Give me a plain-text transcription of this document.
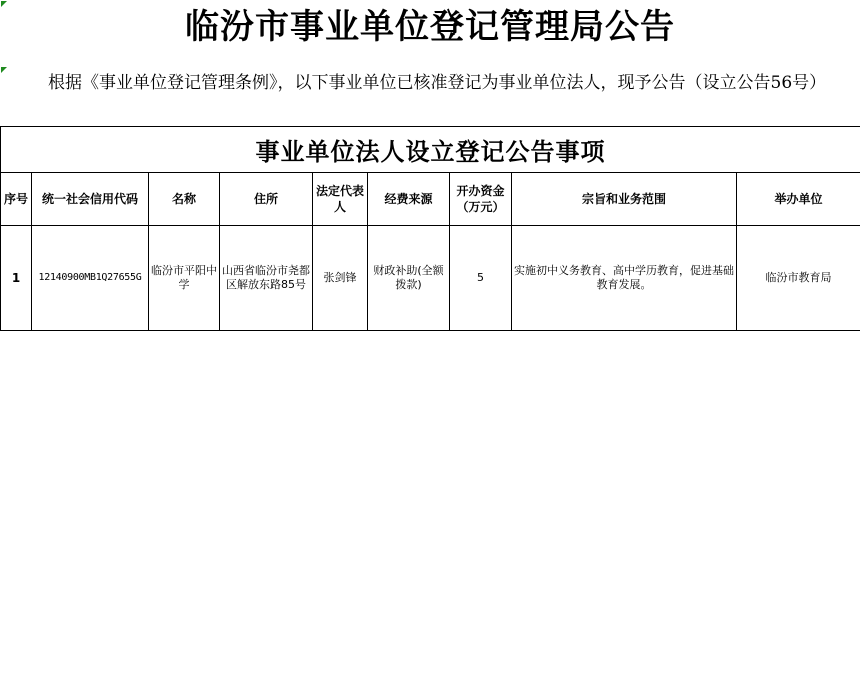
临汾市事业单位登记管理局公告
根据《事业单位登记管理条例》，以下事业单位已核准登记为事业单位法人，现予公告（设立公告56号）
事业单位法人设立登记公告事项								
序号	统一社会信用代码	名称	住所	法定代表人	经费来源	开办资金（万元）	宗旨和业务范围	举办单位
1	12140900MB1Q27655G	临汾市平阳中学	山西省临汾市尧都区解放东路85号	张剑锋	财政补助(全额拨款)	5	实施初中义务教育、高中学历教育，促进基础教育发展。	临汾市教育局
